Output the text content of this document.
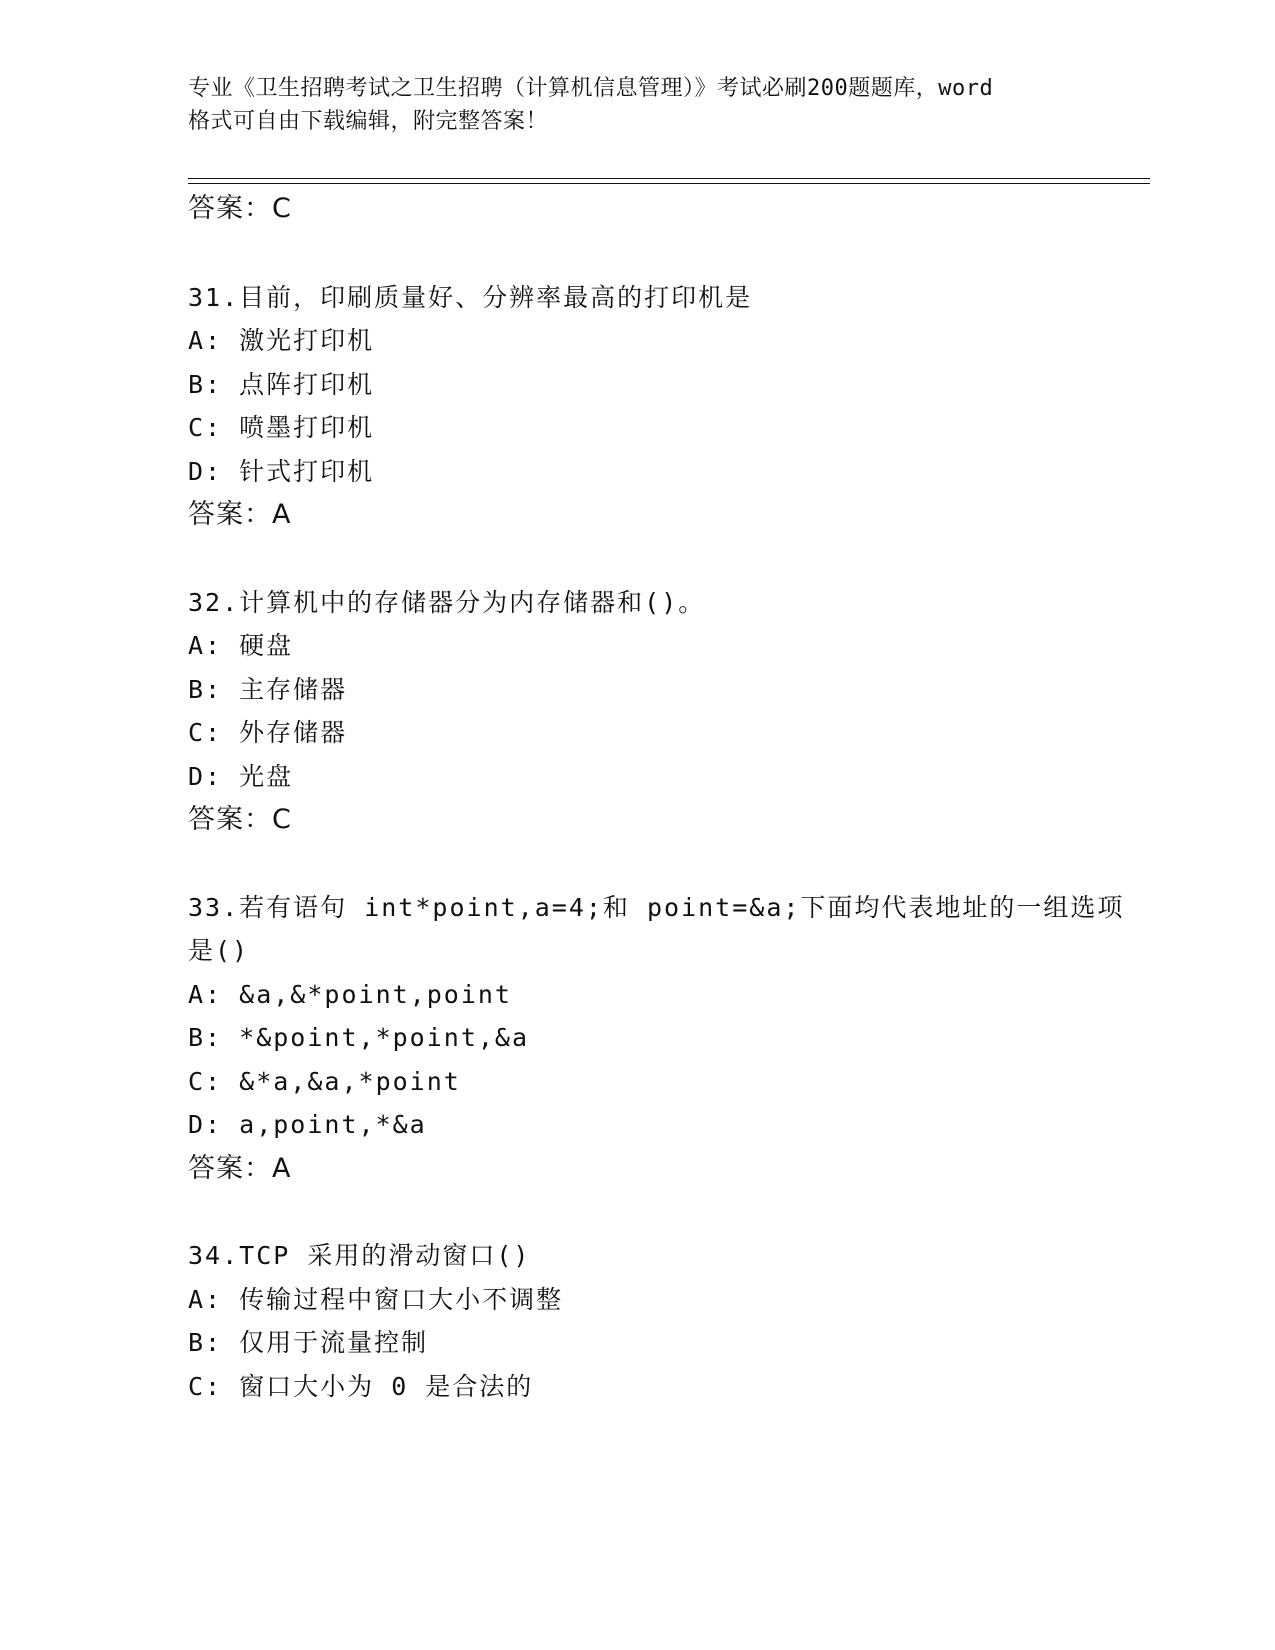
专业《卫生招聘考试之卫生招聘（计算机信息管理）》考试必刷200题题库，word
格式可自由下载编辑，附完整答案！
答案：C
31.目前，印刷质量好、分辨率最高的打印机是
A: 激光打印机
B: 点阵打印机
C: 喷墨打印机
D: 针式打印机
答案：A
32.计算机中的存储器分为内存储器和()。
A: 硬盘
B: 主存储器
C: 外存储器
D: 光盘
答案：C
33.若有语句 int*point,a=4;和 point=&a;下面均代表地址的一组选项
是()
A: &a,&*point,point
B: *&point,*point,&a
C: &*a,&a,*point
D: a,point,*&a
答案：A
34.TCP 采用的滑动窗口()
A: 传输过程中窗口大小不调整
B: 仅用于流量控制
C: 窗口大小为 0 是合法的
